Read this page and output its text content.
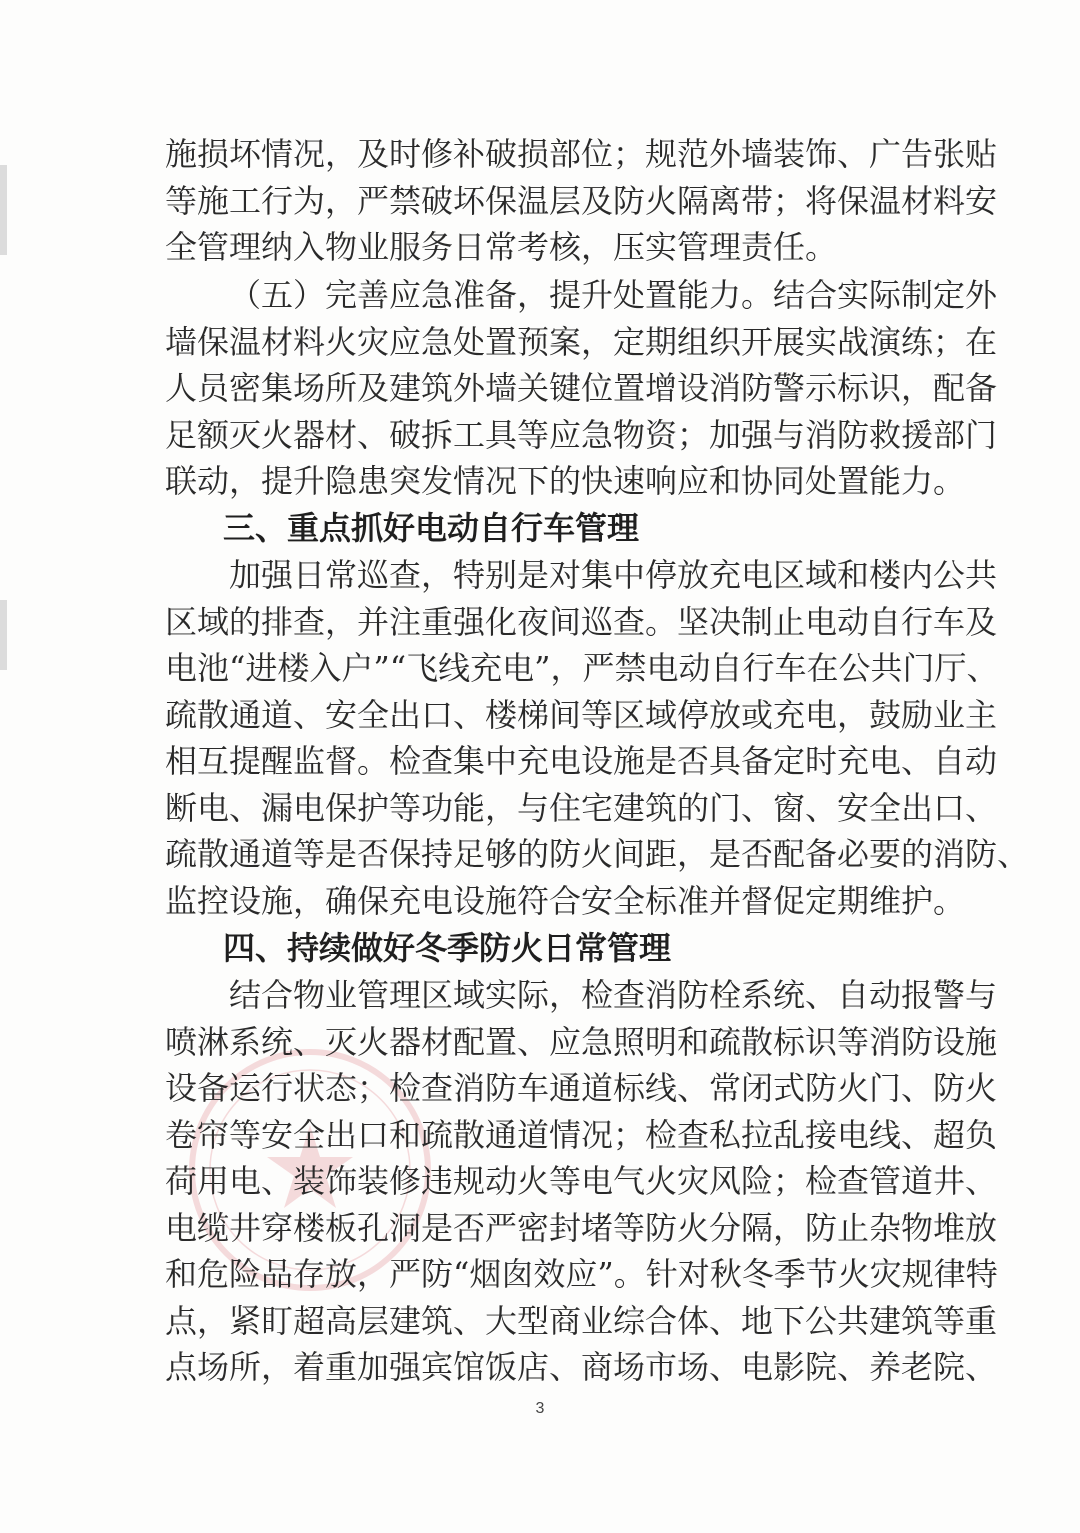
施损坏情况，及时修补破损部位；规范外墙装饰、广告张贴
等施工行为，严禁破坏保温层及防火隔离带；将保温材料安
全管理纳入物业服务日常考核，压实管理责任。
（五）完善应急准备，提升处置能力。结合实际制定外
墙保温材料火灾应急处置预案，定期组织开展实战演练；在
人员密集场所及建筑外墙关键位置增设消防警示标识，配备
足额灭火器材、破拆工具等应急物资；加强与消防救援部门
联动，提升隐患突发情况下的快速响应和协同处置能力。
三、重点抓好电动自行车管理
加强日常巡查，特别是对集中停放充电区域和楼内公共
区域的排查，并注重强化夜间巡查。坚决制止电动自行车及
电池“进楼入户”“飞线充电”，严禁电动自行车在公共门厅、
疏散通道、安全出口、楼梯间等区域停放或充电，鼓励业主
相互提醒监督。检查集中充电设施是否具备定时充电、自动
断电、漏电保护等功能，与住宅建筑的门、窗、安全出口、
疏散通道等是否保持足够的防火间距，是否配备必要的消防、
监控设施，确保充电设施符合安全标准并督促定期维护。
四、持续做好冬季防火日常管理
结合物业管理区域实际，检查消防栓系统、自动报警与
喷淋系统、灭火器材配置、应急照明和疏散标识等消防设施
设备运行状态；检查消防车通道标线、常闭式防火门、防火
卷帘等安全出口和疏散通道情况；检查私拉乱接电线、超负
荷用电、装饰装修违规动火等电气火灾风险；检查管道井、
电缆井穿楼板孔洞是否严密封堵等防火分隔，防止杂物堆放
和危险品存放，严防“烟囱效应”。针对秋冬季节火灾规律特
点，紧盯超高层建筑、大型商业综合体、地下公共建筑等重
点场所，着重加强宾馆饭店、商场市场、电影院、养老院、
3
